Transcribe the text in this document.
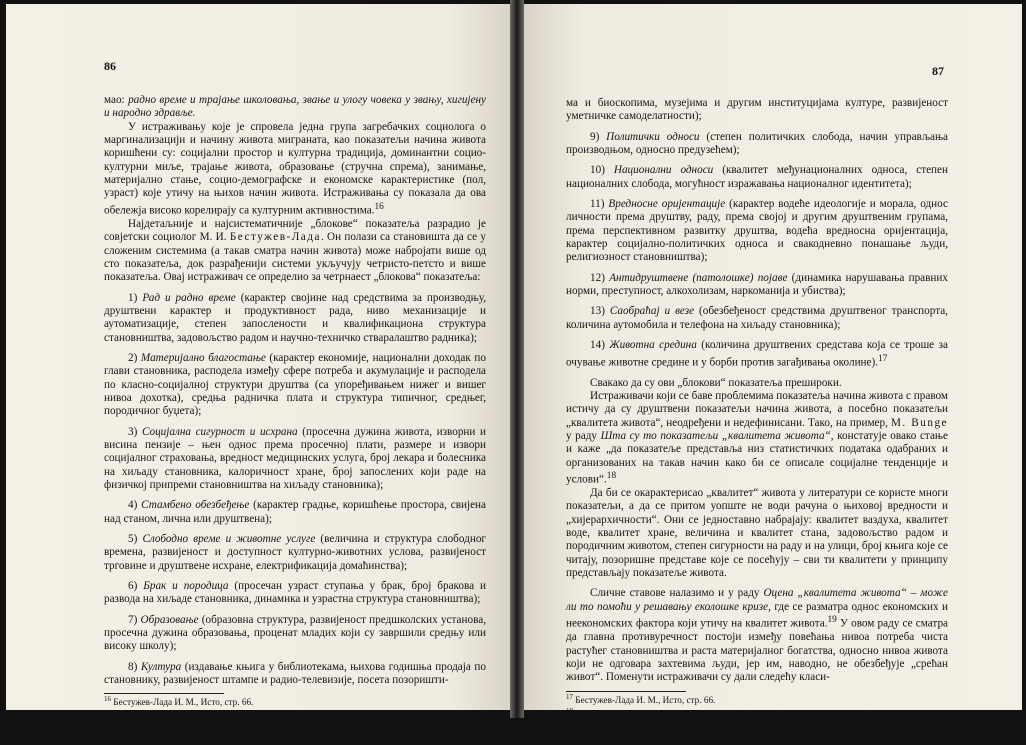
86

мао: радно време и трајање школовања, звање и улогу човека у звању, хигијену и народно здравље.

У истраживању које је спровела једна група загребачких социолога о маргинализацији и начину живота миграната, као показатељи начина живота коришћени су: социјални простор и културна традиција, доминантни социо-културни миље, трајање живота, образовање (стручна спрема), занимање, материјално стање, социо-демографске и економске карактеристике (пол, узраст) које утичу на њихов начин живота. Истраживања су показала да ова обележја високо корелирају са културним активностима.$^{16}$

Најдетаљније и најсистематичније „блокове“ показатеља разрадио је совјетски социолог М. И. Бестужев-Лада. Он полази са становишта да се у сложеним системима (а такав сматра начин живота) може набројати више од сто показатеља, док разрађенији системи укључују четристо-петсто и више показатеља. Овај истраживач се определио за четрнаест „блокова“ показатеља:

1) Рад и радно време (карактер својине над средствима за производњу, друштвени карактер и продуктивност рада, ниво механизације и аутоматизације, степен запослености и квалификациона структура становништва, задовољство радом и научно-техничко стваралаштво радника);

2) Материјално благостање (карактер економије, национални доходак по глави становника, расподела између сфере потреба и акумулације и расподела по класно-социјалној структури друштва (са упоређивањем нижег и вишег нивоа дохотка), средња радничка плата и структура типичног, средњег, породичног буџета);

3) Социјална сигурност и исхрана (просечна дужина живота, изворни и висина пензије – њен однос према просечној плати, размере и извори социјалног страховања, вредност медицинских услуга, број лекара и болесника на хиљаду становника, калоричност хране, број запослених који раде на физичкој припреми становништва на хиљаду становника);

4) Стамбено обезбеђење (карактер градње, коришћење простора, свијена над станом, лична или друштвена);

5) Слободно време и животне услуге (величина и структура слободног времена, развијеност и доступност културно-животних услова, развијеност трговине и друштвене исхране, електрификација домаћинства);

6) Брак и породица (просечан узраст ступања у брак, број бракова и развода на хиљаде становника, динамика и узрастна структура становништва);

7) Образовање (образовна структура, развијеност предшколских установа, просечна дужина образовања, проценат младих који су завршили средњу или високу школу);

8) Култура (издавање књига у библиотекама, њихова годишња продаја по становнику, развијеност штампе и радио-телевизије, посета позоришти-

$^{16}$ Бестужев-Лада И. М., Исто, стр. 66.

87

ма и биоскопима, музејима и другим институцијама културе, развијеност уметничке самоделатности);

9) Политички односи (степен политичких слобода, начин управљања производњом, односно предузећем);

10) Национални односи (квалитет међунационалних односа, степен националних слобода, могућност изражавања националног идентитета);

11) Вредносне оријентације (карактер водеће идеологије и морала, однос личности према друштву, раду, према својој и другим друштвеним групама, према перспективном развитку друштва, водећа вредносна оријентација, карактер социјално-политичких односа и свакодневно понашање људи, религиозност становништва);

12) Антидруштвене (патолошке) појаве (динамика нарушавања правних норми, преступност, алкохолизам, наркоманија и убиства);

13) Саобраћај и везе (обезбеђеност средствима друштвеног транспорта, количина аутомобила и телефона на хиљаду становника);

14) Животна средина (количина друштвених средстава која се троше за очување животне средине и у борби против загађивања околине).$^{17}$

Свакако да су ови „блокови“ показатеља прешироки.

Истраживачи који се баве проблемима показатеља начина живота с правом истичу да су друштвени показатељи начина живота, а посебно показатељи „квалитета живота“, неодређени и недефинисани. Тако, на пример, М. Bunge у раду Шта су то показатељи „квалитета живота“, констатује овако стање и каже „да показатеље представља низ статистичких података одабраних и организованих на такав начин како би се описале социјалне тенденције и услови“.$^{18}$

Да би се окарактерисао „квалитет“ живота у литератури се користе многи показатељи, а да се притом уопште не води рачуна о њиховој вредности и „хијерархичности“. Они се једноставно набрајају: квалитет ваздуха, квалитет воде, квалитет хране, величина и квалитет стана, задовољство радом и породичним животом, степен сигурности на раду и на улици, број књига које се читају, позоришне представе које се посећују – сви ти квалитети у принципу представљају показатеље живота.

Сличне ставове налазимо и у раду Оцена „квалитета живота“ – може ли то помоћи у решавању еколошке кризе, где се разматра однос економских и неекономских фактора који утичу на квалитет живота.$^{19}$ У овом раду се сматра да главна противуречност постоји између повећања нивоа потреба чиста растућег становништва и раста материјалног богатства, односно нивоа живота који не одговара захтевима људи, јер им, наводно, не обезбеђује „срећан живот“. Поменути истраживачи су дали следећу класи-

$^{17}$ Бестужев-Лада И. М., Исто, стр. 66.

$^{18}$ M. Bunge, What is a Quality of Life Indicator? – Social Indicators Research, 1975, vol. 2, br. 1, p. 65.

$^{19}$ M. Bunge, Исто.
